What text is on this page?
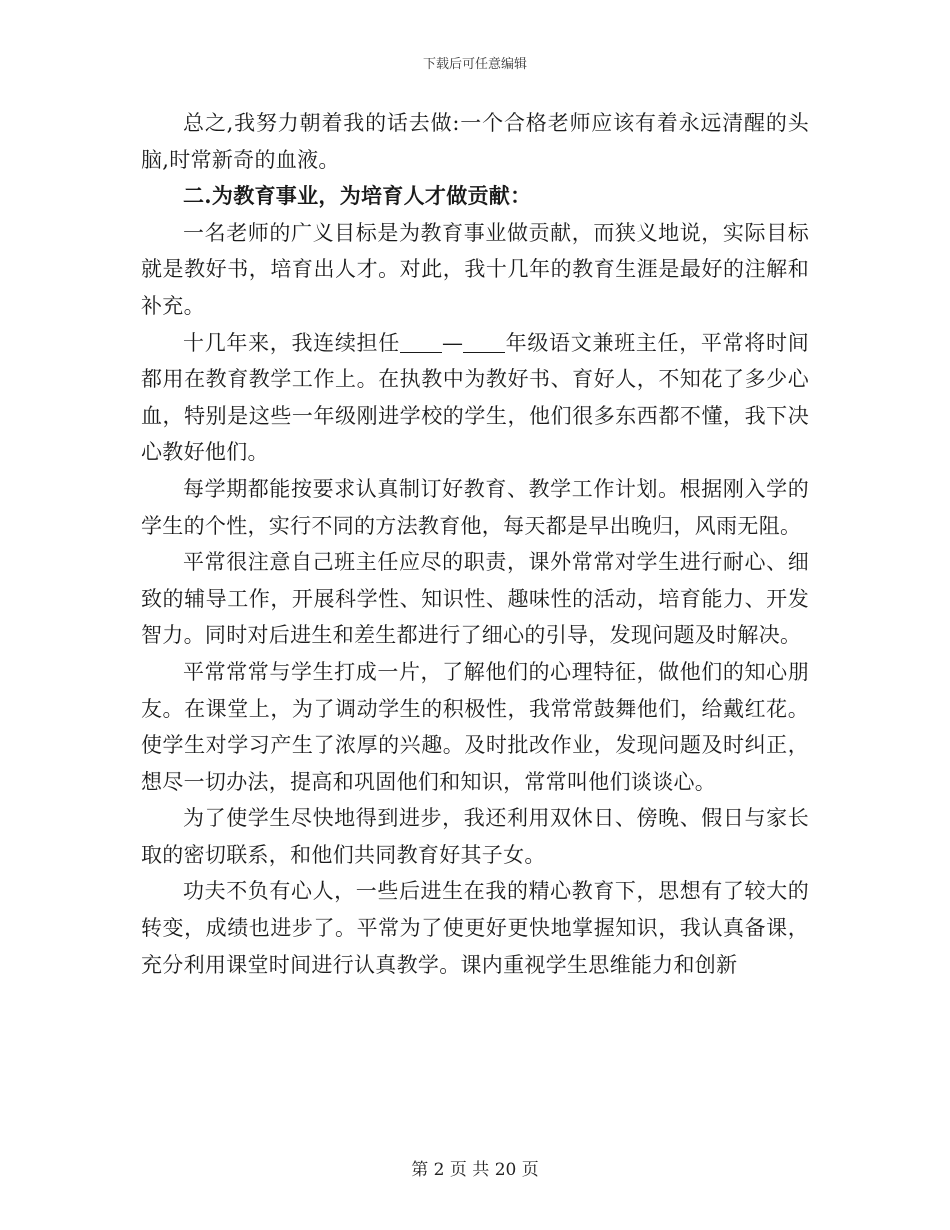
下载后可任意编辑

总之,我努力朝着我的话去做:一个合格老师应该有着永远清醒的头脑,时常新奇的血液。

二.为教育事业，为培育人才做贡献：

一名老师的广义目标是为教育事业做贡献，而狭义地说，实际目标就是教好书，培育出人才。对此，我十几年的教育生涯是最好的注解和补充。

十几年来，我连续担任 — 年级语文兼班主任，平常将时间都用在教育教学工作上。在执教中为教好书、育好人，不知花了多少心血，特别是这些一年级刚进学校的学生，他们很多东西都不懂，我下决心教好他们。

每学期都能按要求认真制订好教育、教学工作计划。根据刚入学的学生的个性，实行不同的方法教育他，每天都是早出晚归，风雨无阻。

平常很注意自己班主任应尽的职责，课外常常对学生进行耐心、细致的辅导工作，开展科学性、知识性、趣味性的活动，培育能力、开发智力。同时对后进生和差生都进行了细心的引导，发现问题及时解决。

平常常常与学生打成一片，了解他们的心理特征，做他们的知心朋友。在课堂上，为了调动学生的积极性，我常常鼓舞他们，给戴红花。使学生对学习产生了浓厚的兴趣。及时批改作业，发现问题及时纠正，想尽一切办法，提高和巩固他们和知识，常常叫他们谈谈心。

为了使学生尽快地得到进步，我还利用双休日、傍晚、假日与家长取的密切联系，和他们共同教育好其子女。

功夫不负有心人，一些后进生在我的精心教育下，思想有了较大的转变，成绩也进步了。平常为了使更好更快地掌握知识，我认真备课，充分利用课堂时间进行认真教学。课内重视学生思维能力和创新

第 2 页 共 20 页
